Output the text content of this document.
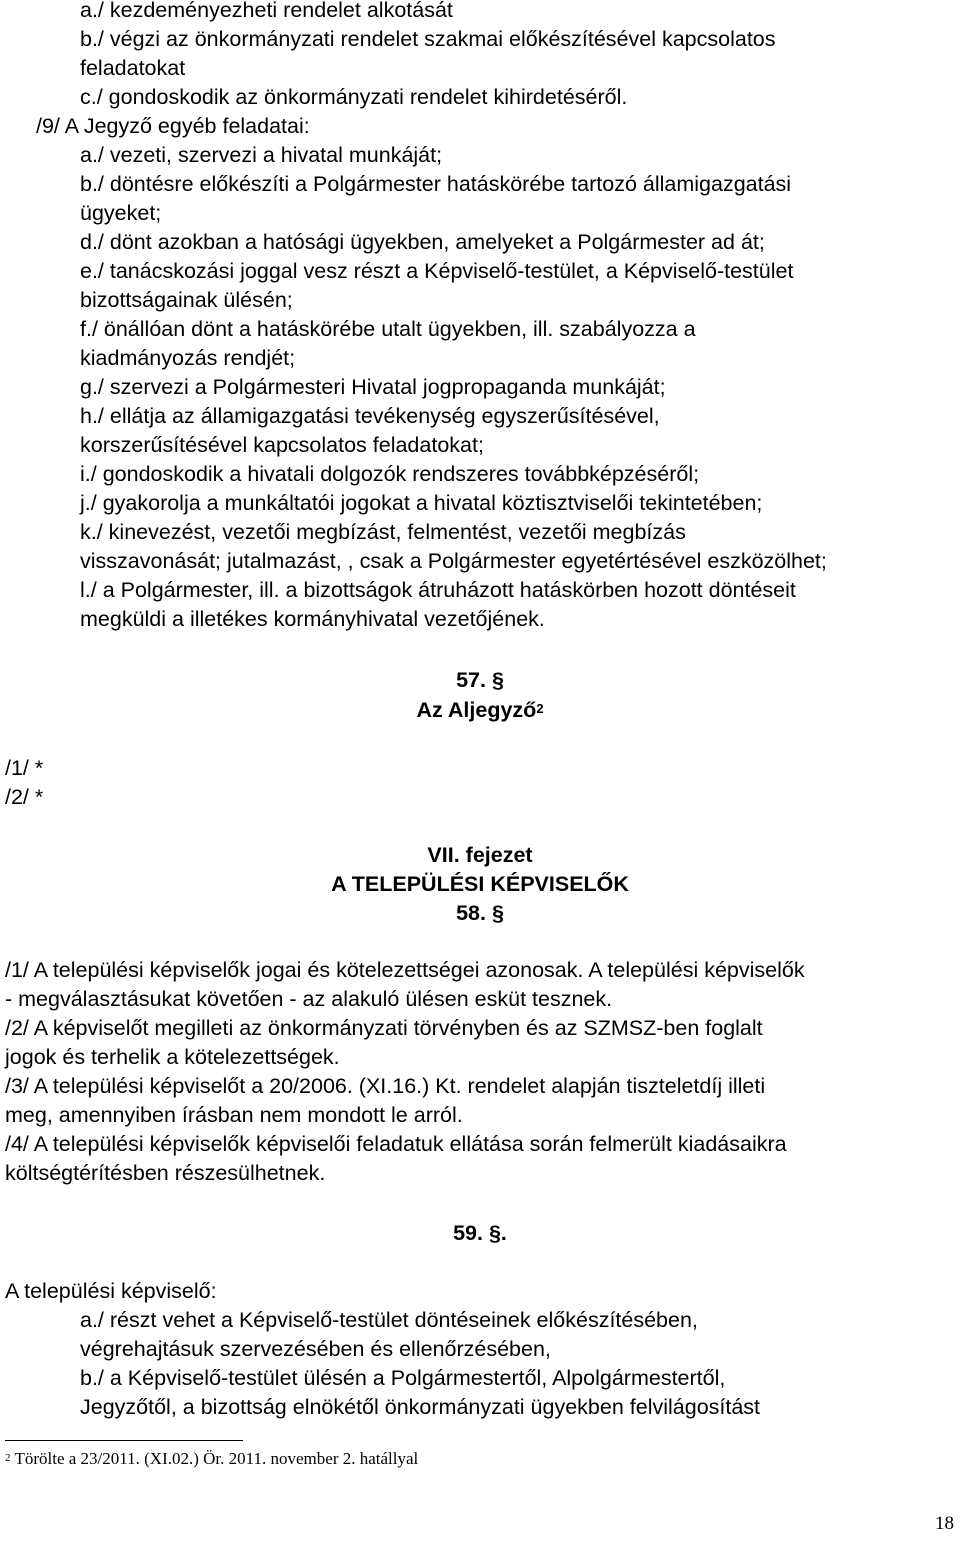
a./ kezdeményezheti rendelet alkotását
b./ végzi az önkormányzati rendelet szakmai előkészítésével kapcsolatos
feladatokat
c./ gondoskodik az önkormányzati rendelet kihirdetéséről.
/9/ A Jegyző egyéb feladatai:
a./ vezeti, szervezi a hivatal munkáját;
b./ döntésre előkészíti a Polgármester hatáskörébe tartozó államigazgatási
ügyeket;
d./ dönt azokban a hatósági ügyekben, amelyeket a Polgármester ad át;
e./ tanácskozási joggal vesz részt a Képviselő-testület, a Képviselő-testület
bizottságainak ülésén;
f./ önállóan dönt a hatáskörébe utalt ügyekben, ill. szabályozza a
kiadmányozás rendjét;
g./ szervezi a Polgármesteri Hivatal jogpropaganda munkáját;
h./ ellátja az államigazgatási tevékenység egyszerűsítésével,
korszerűsítésével kapcsolatos feladatokat;
i./ gondoskodik a hivatali dolgozók rendszeres továbbképzéséről;
j./ gyakorolja a munkáltatói jogokat a hivatal köztisztviselői tekintetében;
k./ kinevezést, vezetői megbízást, felmentést, vezetői megbízás
visszavonását; jutalmazást, , csak a Polgármester egyetértésével eszközölhet;
l./ a Polgármester, ill. a bizottságok átruházott hatáskörben hozott döntéseit
megküldi a illetékes kormányhivatal vezetőjének.
57. §
Az Aljegyző$^2$
/1/ *
/2/ *
VII. fejezet
A TELEPÜLÉSI KÉPVISELŐK
58. §
/1/ A települési képviselők jogai és kötelezettségei azonosak. A települési képviselők
- megválasztásukat követően - az alakuló ülésen esküt tesznek.
/2/ A képviselőt megilleti az önkormányzati törvényben és az SZMSZ-ben foglalt
jogok és terhelik a kötelezettségek.
/3/ A települési képviselőt a 20/2006. (XI.16.) Kt. rendelet alapján tiszteletdíj illeti
meg, amennyiben írásban nem mondott le arról.
/4/ A települési képviselők képviselői feladatuk ellátása során felmerült kiadásaikra
költségtérítésben részesülhetnek.
59. §.
A települési képviselő:
a./ részt vehet a Képviselő-testület döntéseinek előkészítésében,
végrehajtásuk szervezésében és ellenőrzésében,
b./ a Képviselő-testület ülésén a Polgármestertől, Alpolgármestertől,
Jegyzőtől, a bizottság elnökétől önkormányzati ügyekben felvilágosítást
$^2$ Törölte a 23/2011. (XI.02.) Ör. 2011. november 2. hatállyal
18
